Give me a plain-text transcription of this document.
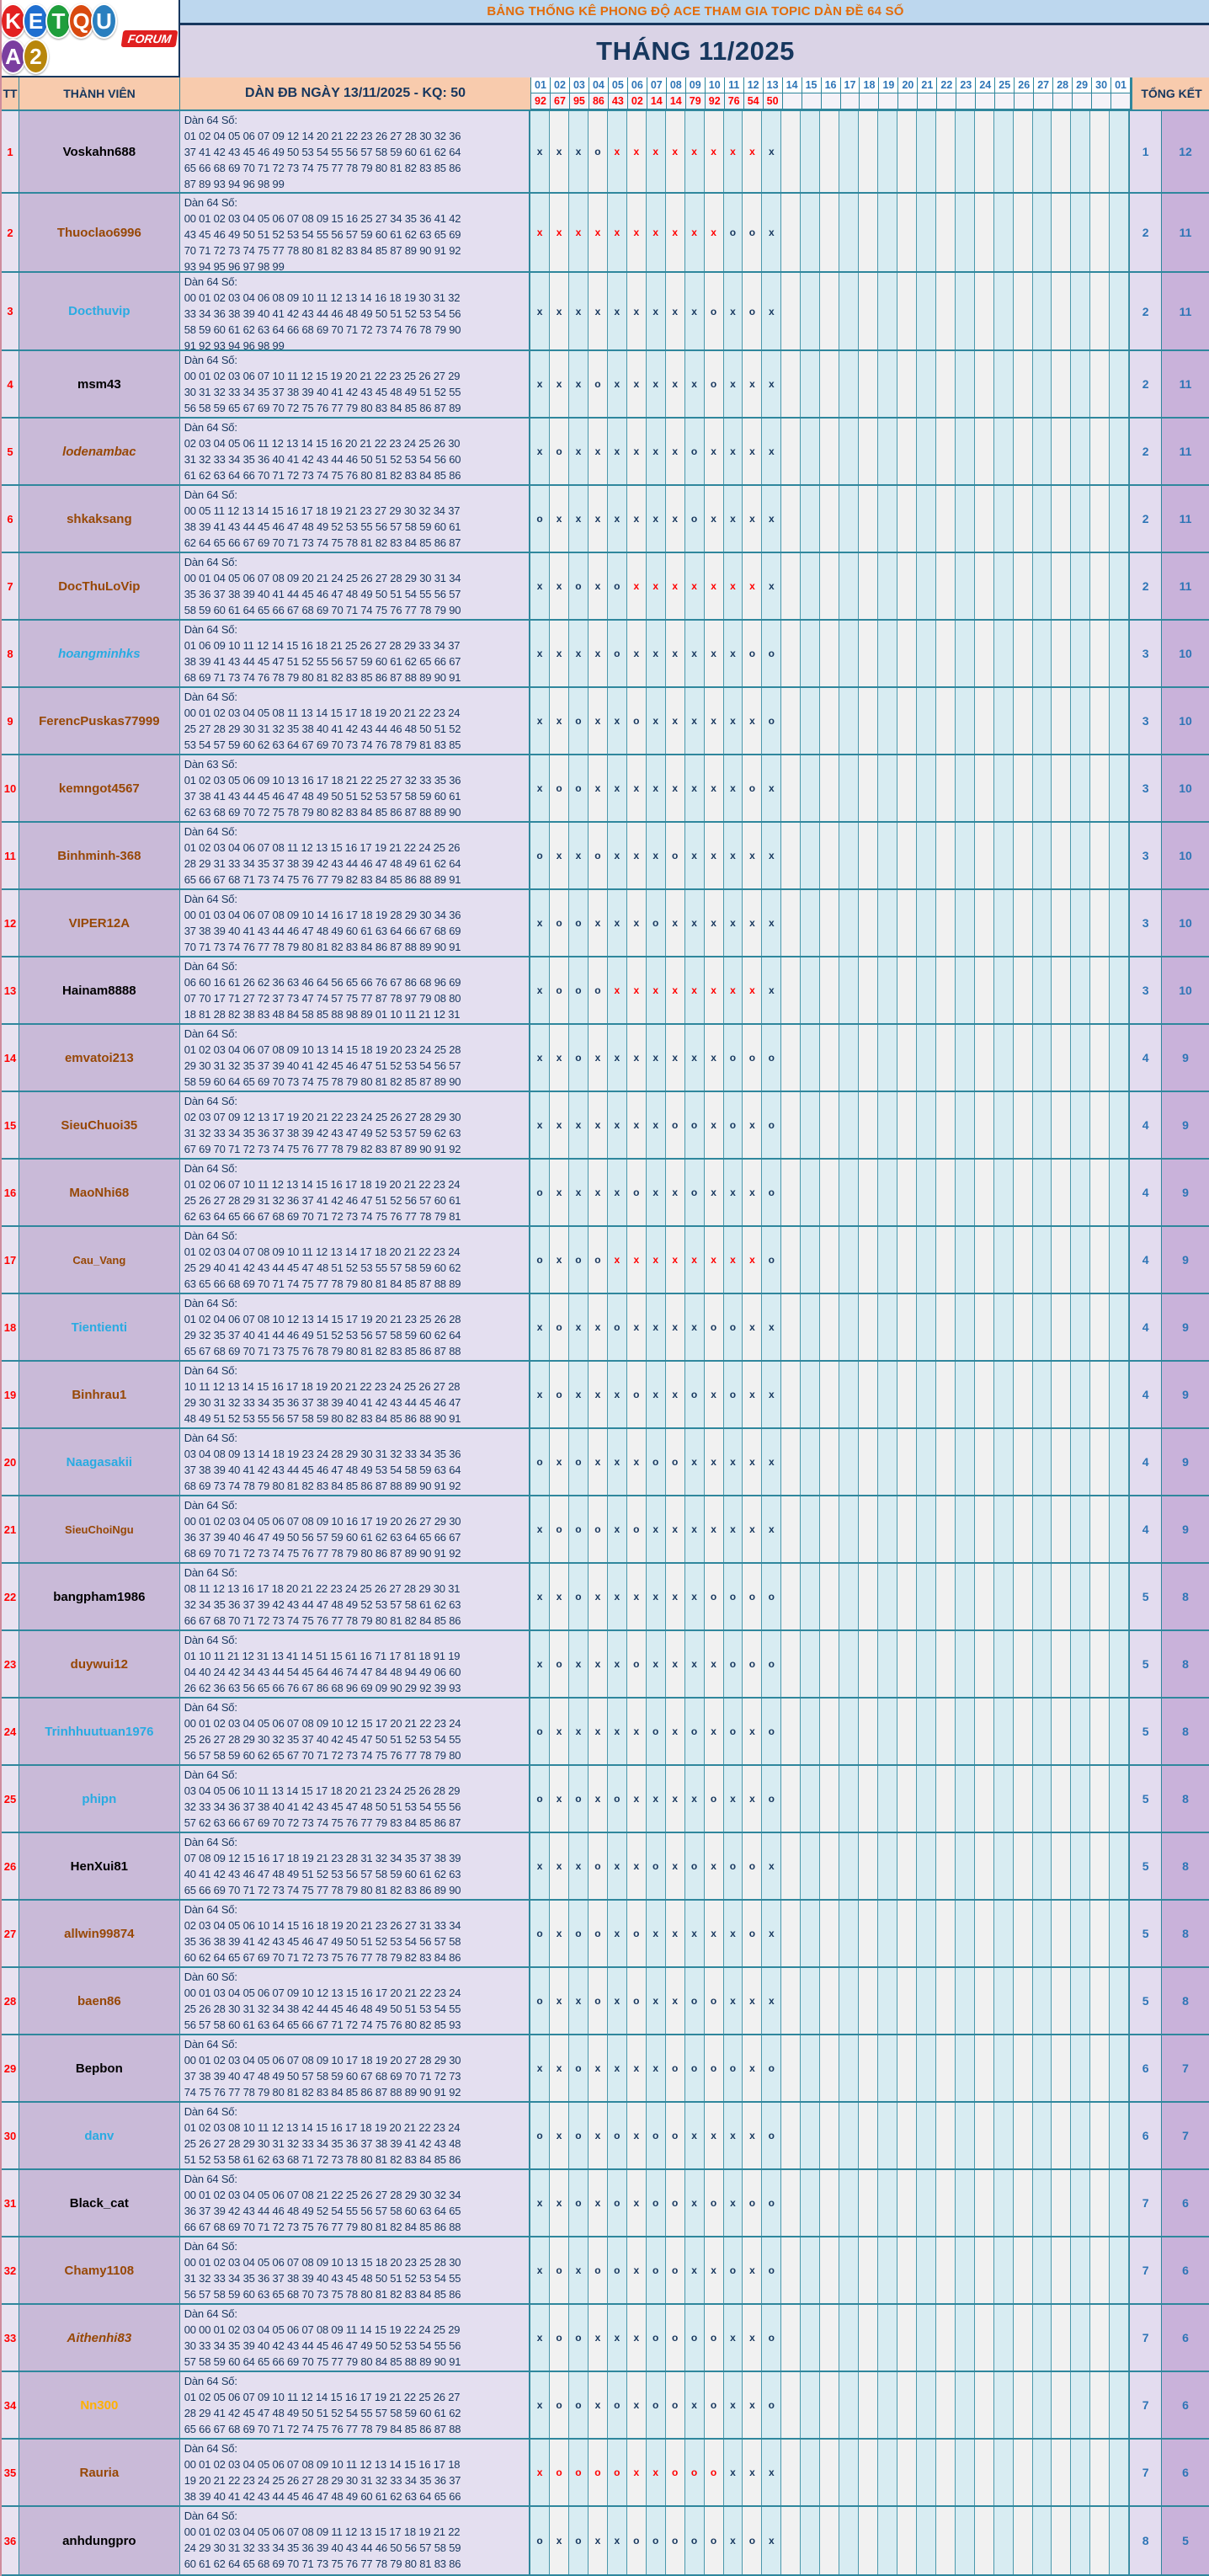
K E T Q UA 2
FORUM
BẢNG THỐNG KÊ PHONG ĐỘ ACE THAM GIA TOPIC DÀN ĐỀ 64 SỐ
THÁNG 11/2025
TT	THÀNH VIÊN	DÀN ĐB NGÀY 13/11/2025 - KQ: 50
01 02 03 04 05 06 07 08 09 10 11 12 13 14 15 16 17 18 19 20 21 22 23 24 25 26 27 28 29 30 01
92 67 95 86 43 02 14 14 79 92 76 54 50
TỔNG KẾT
1	Voskahn688
Dàn 64 Số:
01 02 04 05 06 07 09 12 14 20 21 22 23 26 27 28 30 32 36
37 41 42 43 45 46 49 50 53 54 55 56 57 58 59 60 61 62 64
65 66 68 69 70 71 72 73 74 75 77 78 79 80 81 82 83 85 86
87 89 93 94 96 98 99
x	x	x	o	x	x	x	x	x	x	x	x	x	1	12
2	Thuoclao6996
Dàn 64 Số:
00 01 02 03 04 05 06 07 08 09 15 16 25 27 34 35 36 41 42
43 45 46 49 50 51 52 53 54 55 56 57 59 60 61 62 63 65 69
70 71 72 73 74 75 77 78 80 81 82 83 84 85 87 89 90 91 92
93 94 95 96 97 98 99
x	x	x	x	x	x	x	x	x	x	o	o	x	2	11
3	Docthuvip
Dàn 64 Số:
00 01 02 03 04 06 08 09 10 11 12 13 14 16 18 19 30 31 32
33 34 36 38 39 40 41 42 43 44 46 48 49 50 51 52 53 54 56
58 59 60 61 62 63 64 66 68 69 70 71 72 73 74 76 78 79 90
91 92 93 94 96 98 99
x	x	x	x	x	x	x	x	x	o	x	o	x	2	11
4	msm43
Dàn 64 Số:
00 01 02 03 06 07 10 11 12 15 19 20 21 22 23 25 26 27 29
30 31 32 33 34 35 37 38 39 40 41 42 43 45 48 49 51 52 55
56 58 59 65 67 69 70 72 75 76 77 79 80 83 84 85 86 87 89
x	x	x	o	x	x	x	x	x	o	x	x	x	2	11
5	lodenambac
Dàn 64 Số:
02 03 04 05 06 11 12 13 14 15 16 20 21 22 23 24 25 26 30
31 32 33 34 35 36 40 41 42 43 44 46 50 51 52 53 54 56 60
61 62 63 64 66 70 71 72 73 74 75 76 80 81 82 83 84 85 86
x	o	x	x	x	x	x	x	o	x	x	x	x	2	11
6	shkaksang
Dàn 64 Số:
00 05 11 12 13 14 15 16 17 18 19 21 23 27 29 30 32 34 37
38 39 41 43 44 45 46 47 48 49 52 53 55 56 57 58 59 60 61
62 64 65 66 67 69 70 71 73 74 75 78 81 82 83 84 85 86 87
o	x	x	x	x	x	x	x	o	x	x	x	x	2	11
7	DocThuLoVip
Dàn 64 Số:
00 01 04 05 06 07 08 09 20 21 24 25 26 27 28 29 30 31 34
35 36 37 38 39 40 41 44 45 46 47 48 49 50 51 54 55 56 57
58 59 60 61 64 65 66 67 68 69 70 71 74 75 76 77 78 79 90
x	x	o	x	o	x	x	x	x	x	x	x	x	2	11
8	hoangminhks
Dàn 64 Số:
01 06 09 10 11 12 14 15 16 18 21 25 26 27 28 29 33 34 37
38 39 41 43 44 45 47 51 52 55 56 57 59 60 61 62 65 66 67
68 69 71 73 74 76 78 79 80 81 82 83 85 86 87 88 89 90 91
x	x	x	x	o	x	x	x	x	x	x	o	o	3	10
9	FerencPuskas77999
Dàn 64 Số:
00 01 02 03 04 05 08 11 13 14 15 17 18 19 20 21 22 23 24
25 27 28 29 30 31 32 35 38 40 41 42 43 44 46 48 50 51 52
53 54 57 59 60 62 63 64 67 69 70 73 74 76 78 79 81 83 85
x	x	o	x	x	o	x	x	x	x	x	x	o	3	10
10	kemngot4567
Dàn 63 Số:
01 02 03 05 06 09 10 13 16 17 18 21 22 25 27 32 33 35 36
37 38 41 43 44 45 46 47 48 49 50 51 52 53 57 58 59 60 61
62 63 68 69 70 72 75 78 79 80 82 83 84 85 86 87 88 89 90
x	o	o	x	x	x	x	x	x	x	x	o	x	3	10
11	Binhminh-368
Dàn 64 Số:
01 02 03 04 06 07 08 11 12 13 15 16 17 19 21 22 24 25 26
28 29 31 33 34 35 37 38 39 42 43 44 46 47 48 49 61 62 64
65 66 67 68 71 73 74 75 76 77 79 82 83 84 85 86 88 89 91
o	x	x	o	x	x	x	o	x	x	x	x	x	3	10
12	VIPER12A
Dàn 64 Số:
00 01 03 04 06 07 08 09 10 14 16 17 18 19 28 29 30 34 36
37 38 39 40 41 43 44 46 47 48 49 60 61 63 64 66 67 68 69
70 71 73 74 76 77 78 79 80 81 82 83 84 86 87 88 89 90 91
x	o	o	x	x	x	o	x	x	x	x	x	x	3	10
13	Hainam8888
Dàn 64 Số:
06 60 16 61 26 62 36 63 46 64 56 65 66 76 67 86 68 96 69
07 70 17 71 27 72 37 73 47 74 57 75 77 87 78 97 79 08 80
18 81 28 82 38 83 48 84 58 85 88 98 89 01 10 11 21 12 31
x	o	o	o	x	x	x	x	x	x	x	x	x	3	10
14	emvatoi213
Dàn 64 Số:
01 02 03 04 06 07 08 09 10 13 14 15 18 19 20 23 24 25 28
29 30 31 32 35 37 39 40 41 42 45 46 47 51 52 53 54 56 57
58 59 60 64 65 69 70 73 74 75 78 79 80 81 82 85 87 89 90
x	x	o	x	x	x	x	x	x	x	o	o	o	4	9
15	SieuChuoi35
Dàn 64 Số:
02 03 07 09 12 13 17 19 20 21 22 23 24 25 26 27 28 29 30
31 32 33 34 35 36 37 38 39 42 43 47 49 52 53 57 59 62 63
67 69 70 71 72 73 74 75 76 77 78 79 82 83 87 89 90 91 92
x	x	x	x	x	x	x	o	o	x	o	x	o	4	9
16	MaoNhi68
Dàn 64 Số:
01 02 06 07 10 11 12 13 14 15 16 17 18 19 20 21 22 23 24
25 26 27 28 29 31 32 36 37 41 42 46 47 51 52 56 57 60 61
62 63 64 65 66 67 68 69 70 71 72 73 74 75 76 77 78 79 81
o	x	x	x	x	o	x	x	o	x	x	x	o	4	9
17	Cau_Vang
Dàn 64 Số:
01 02 03 04 07 08 09 10 11 12 13 14 17 18 20 21 22 23 24
25 29 40 41 42 43 44 45 47 48 51 52 53 55 57 58 59 60 62
63 65 66 68 69 70 71 74 75 77 78 79 80 81 84 85 87 88 89
o	x	o	o	x	x	x	x	x	x	x	x	o	4	9
18	Tientienti
Dàn 64 Số:
01 02 04 06 07 08 10 12 13 14 15 17 19 20 21 23 25 26 28
29 32 35 37 40 41 44 46 49 51 52 53 56 57 58 59 60 62 64
65 67 68 69 70 71 73 75 76 78 79 80 81 82 83 85 86 87 88
x	o	x	x	o	x	x	x	x	o	o	x	x	4	9
19	Binhrau1
Dàn 64 Số:
10 11 12 13 14 15 16 17 18 19 20 21 22 23 24 25 26 27 28
29 30 31 32 33 34 35 36 37 38 39 40 41 42 43 44 45 46 47
48 49 51 52 53 55 56 57 58 59 80 82 83 84 85 86 88 90 91
x	o	x	x	x	o	x	x	o	x	o	x	x	4	9
20	Naagasakii
Dàn 64 Số:
03 04 08 09 13 14 18 19 23 24 28 29 30 31 32 33 34 35 36
37 38 39 40 41 42 43 44 45 46 47 48 49 53 54 58 59 63 64
68 69 73 74 78 79 80 81 82 83 84 85 86 87 88 89 90 91 92
o	x	o	x	x	x	o	o	x	x	x	x	x	4	9
21	SieuChoiNgu
Dàn 64 Số:
00 01 02 03 04 05 06 07 08 09 10 16 17 19 20 26 27 29 30
36 37 39 40 46 47 49 50 56 57 59 60 61 62 63 64 65 66 67
68 69 70 71 72 73 74 75 76 77 78 79 80 86 87 89 90 91 92
x	o	o	o	x	o	x	x	x	x	x	x	x	4	9
22	bangpham1986
Dàn 64 Số:
08 11 12 13 16 17 18 20 21 22 23 24 25 26 27 28 29 30 31
32 34 35 36 37 39 42 43 44 47 48 49 52 53 57 58 61 62 63
66 67 68 70 71 72 73 74 75 76 77 78 79 80 81 82 84 85 86
x	x	o	x	x	x	x	x	x	o	o	o	o	5	8
23	duywui12
Dàn 64 Số:
01 10 11 21 12 31 13 41 14 51 15 61 16 71 17 81 18 91 19
04 40 24 42 34 43 44 54 45 64 46 74 47 84 48 94 49 06 60
26 62 36 63 56 65 66 76 67 86 68 96 69 09 90 29 92 39 93
x	o	x	x	x	o	x	x	x	x	o	o	o	5	8
24	Trinhhuutuan1976
Dàn 64 Số:
00 01 02 03 04 05 06 07 08 09 10 12 15 17 20 21 22 23 24
25 26 27 28 29 30 32 35 37 40 42 45 47 50 51 52 53 54 55
56 57 58 59 60 62 65 67 70 71 72 73 74 75 76 77 78 79 80
o	x	x	x	x	x	o	x	o	x	o	x	o	5	8
25	phipn
Dàn 64 Số:
03 04 05 06 10 11 13 14 15 17 18 20 21 23 24 25 26 28 29
32 33 34 36 37 38 40 41 42 43 45 47 48 50 51 53 54 55 56
57 62 63 66 67 69 70 72 73 74 75 76 77 79 83 84 85 86 87
o	x	o	x	o	x	x	x	x	o	x	x	o	5	8
26	HenXui81
Dàn 64 Số:
07 08 09 12 15 16 17 18 19 21 23 28 31 32 34 35 37 38 39
40 41 42 43 46 47 48 49 51 52 53 56 57 58 59 60 61 62 63
65 66 69 70 71 72 73 74 75 77 78 79 80 81 82 83 86 89 90
x	x	x	o	x	x	o	x	o	x	o	o	x	5	8
27	allwin99874
Dàn 64 Số:
02 03 04 05 06 10 14 15 16 18 19 20 21 23 26 27 31 33 34
35 36 38 39 41 42 43 45 46 47 49 50 51 52 53 54 56 57 58
60 62 64 65 67 69 70 71 72 73 75 76 77 78 79 82 83 84 86
o	x	o	o	x	o	x	x	x	x	x	o	x	5	8
28	baen86
Dàn 60 Số:
00 01 03 04 05 06 07 09 10 12 13 15 16 17 20 21 22 23 24
25 26 28 30 31 32 34 38 42 44 45 46 48 49 50 51 53 54 55
56 57 58 60 61 63 64 65 66 67 71 72 74 75 76 80 82 85 93
o	x	x	o	x	o	x	x	o	o	x	x	x	5	8
29	Bepbon
Dàn 64 Số:
00 01 02 03 04 05 06 07 08 09 10 17 18 19 20 27 28 29 30
37 38 39 40 47 48 49 50 57 58 59 60 67 68 69 70 71 72 73
74 75 76 77 78 79 80 81 82 83 84 85 86 87 88 89 90 91 92
x	x	o	x	x	x	x	o	o	o	o	x	o	6	7
30	danv
Dàn 64 Số:
01 02 03 08 10 11 12 13 14 15 16 17 18 19 20 21 22 23 24
25 26 27 28 29 30 31 32 33 34 35 36 37 38 39 41 42 43 48
51 52 53 58 61 62 63 68 71 72 73 78 80 81 82 83 84 85 86
o	x	o	x	o	x	o	o	x	x	x	x	o	6	7
31	Black_cat
Dàn 64 Số:
00 01 02 03 04 05 06 07 08 21 22 25 26 27 28 29 30 32 34
36 37 39 42 43 44 46 48 49 52 54 55 56 57 58 60 63 64 65
66 67 68 69 70 71 72 73 75 76 77 79 80 81 82 84 85 86 88
x	x	o	x	o	x	o	o	x	o	x	o	o	7	6
32	Chamy1108
Dàn 64 Số:
00 01 02 03 04 05 06 07 08 09 10 13 15 18 20 23 25 28 30
31 32 33 34 35 36 37 38 39 40 43 45 48 50 51 52 53 54 55
56 57 58 59 60 63 65 68 70 73 75 78 80 81 82 83 84 85 86
x	o	x	o	o	x	o	o	x	x	o	x	o	7	6
33	Aithenhi83
Dàn 64 Số:
00 00 01 02 03 04 05 06 07 08 09 11 14 15 19 22 24 25 29
30 33 34 35 39 40 42 43 44 45 46 47 49 50 52 53 54 55 56
57 58 59 60 64 65 66 69 70 75 77 79 80 84 85 88 89 90 91
x	o	o	x	x	x	o	o	o	o	x	x	o	7	6
34	Nn300
Dàn 64 Số:
01 02 05 06 07 09 10 11 12 14 15 16 17 19 21 22 25 26 27
28 29 41 42 45 47 48 49 50 51 52 54 55 57 58 59 60 61 62
65 66 67 68 69 70 71 72 74 75 76 77 78 79 84 85 86 87 88
x	o	o	x	o	x	o	o	x	o	x	x	o	7	6
35	Rauria
Dàn 64 Số:
00 01 02 03 04 05 06 07 08 09 10 11 12 13 14 15 16 17 18
19 20 21 22 23 24 25 26 27 28 29 30 31 32 33 34 35 36 37
38 39 40 41 42 43 44 45 46 47 48 49 60 61 62 63 64 65 66
x	o	o	o	o	x	x	o	o	o	x	x	x	7	6
36	anhdungpro
Dàn 64 Số:
00 01 02 03 04 05 06 07 08 09 11 12 13 15 17 18 19 21 22
24 29 30 31 32 33 34 35 36 39 40 43 44 46 50 56 57 58 59
60 61 62 64 65 68 69 70 71 73 75 76 77 78 79 80 81 83 86
o	x	o	x	x	o	o	o	o	o	x	o	x	8	5
